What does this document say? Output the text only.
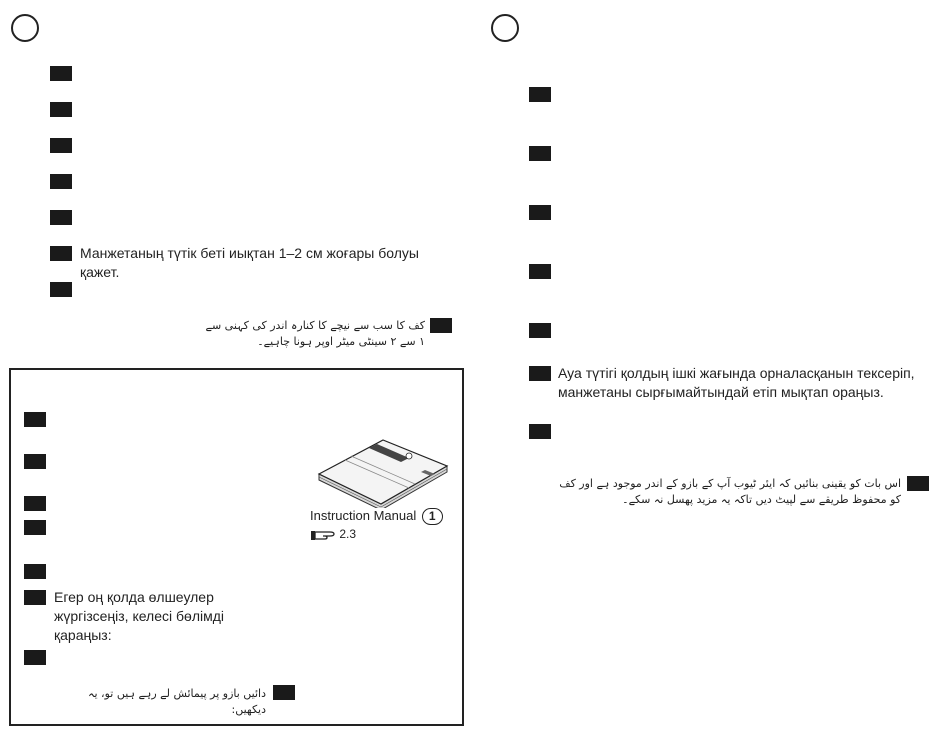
Манжетаның түтік беті иықтан 1–2 см жоғары болуы қажет.
کف کا سب سے نیچے کا کنارہ اندر کی کہنی سے ۱ سے ۲ سینٹی میٹر اوپر ہونا چاہیے۔
Егер оң қолда өлшеулер жүргізсеңіз, келесі бөлімді қараңыз:
دائیں بازو پر پیمائش لے رہے ہیں تو، یہ دیکھیں:
Instruction Manual 1
2.3
Ауа түтігі қолдың ішкі жағында орналасқанын тексеріп, манжетаны сырғымайтындай етіп мықтап ораңыз.
اس بات کو یقینی بنائیں کہ ایئر ٹیوب آپ کے بازو کے اندر موجود ہے اور کف کو محفوظ طریقے سے لپیٹ دیں تاکہ یہ مزید پھسل نہ سکے۔
